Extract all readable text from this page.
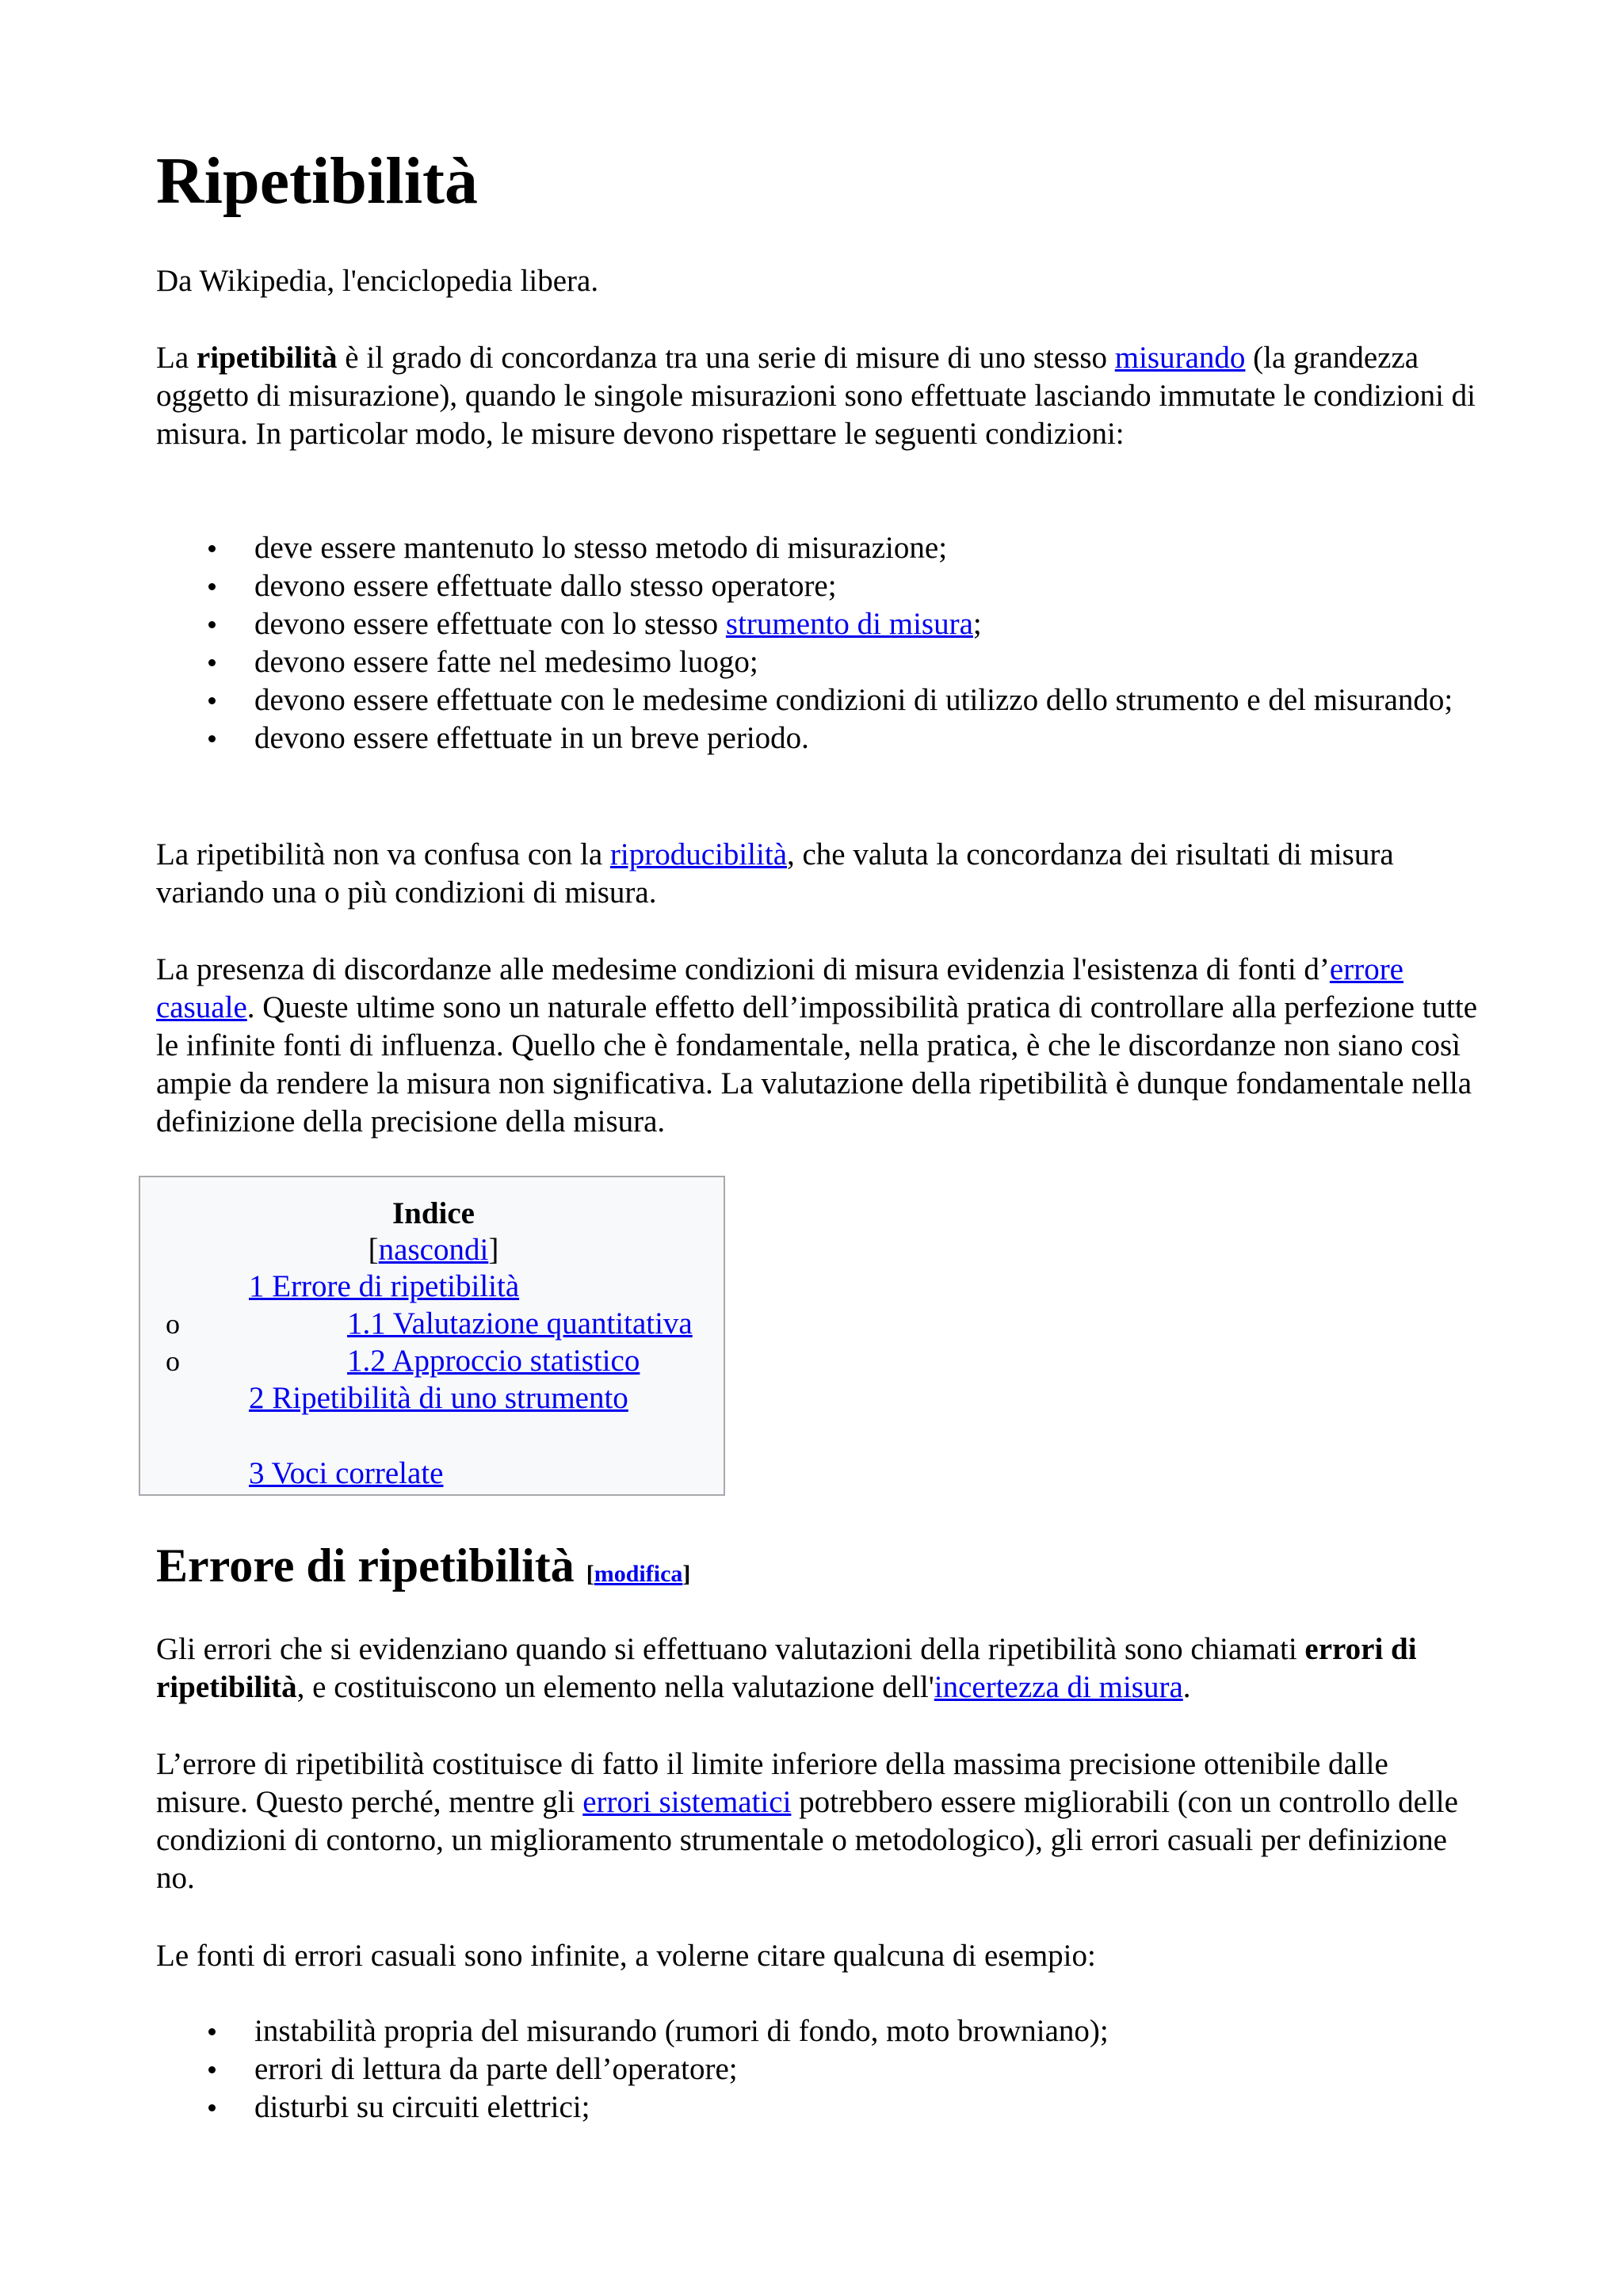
Ripetibilità

Da Wikipedia, l'enciclopedia libera.

La ripetibilità è il grado di concordanza tra una serie di misure di uno stesso misurando (la grandezza oggetto di misurazione), quando le singole misurazioni sono effettuate lasciando immutate le condizioni di misura. In particolar modo, le misure devono rispettare le seguenti condizioni:

deve essere mantenuto lo stesso metodo di misurazione;
devono essere effettuate dallo stesso operatore;
devono essere effettuate con lo stesso strumento di misura;
devono essere fatte nel medesimo luogo;
devono essere effettuate con le medesime condizioni di utilizzo dello strumento e del misurando;
devono essere effettuate in un breve periodo.

La ripetibilità non va confusa con la riproducibilità, che valuta la concordanza dei risultati di misura variando una o più condizioni di misura.

La presenza di discordanze alle medesime condizioni di misura evidenzia l'esistenza di fonti d’errore casuale. Queste ultime sono un naturale effetto dell’impossibilità pratica di controllare alla perfezione tutte le infinite fonti di influenza. Quello che è fondamentale, nella pratica, è che le discordanze non siano così ampie da rendere la misura non significativa. La valutazione della ripetibilità è dunque fondamentale nella definizione della precisione della misura.

Indice
[nascondi]
1 Errore di ripetibilità
o	1.1 Valutazione quantitativa
o	1.2 Approccio statistico
2 Ripetibilità di uno strumento
3 Voci correlate
Errore di ripetibilità [modifica]

Gli errori che si evidenziano quando si effettuano valutazioni della ripetibilità sono chiamati errori di ripetibilità, e costituiscono un elemento nella valutazione dell'incertezza di misura.

L’errore di ripetibilità costituisce di fatto il limite inferiore della massima precisione ottenibile dalle misure. Questo perché, mentre gli errori sistematici potrebbero essere migliorabili (con un controllo delle condizioni di contorno, un miglioramento strumentale o metodologico), gli errori casuali per definizione no.

Le fonti di errori casuali sono infinite, a volerne citare qualcuna di esempio:

instabilità propria del misurando (rumori di fondo, moto browniano);
errori di lettura da parte dell’operatore;
disturbi su circuiti elettrici;
